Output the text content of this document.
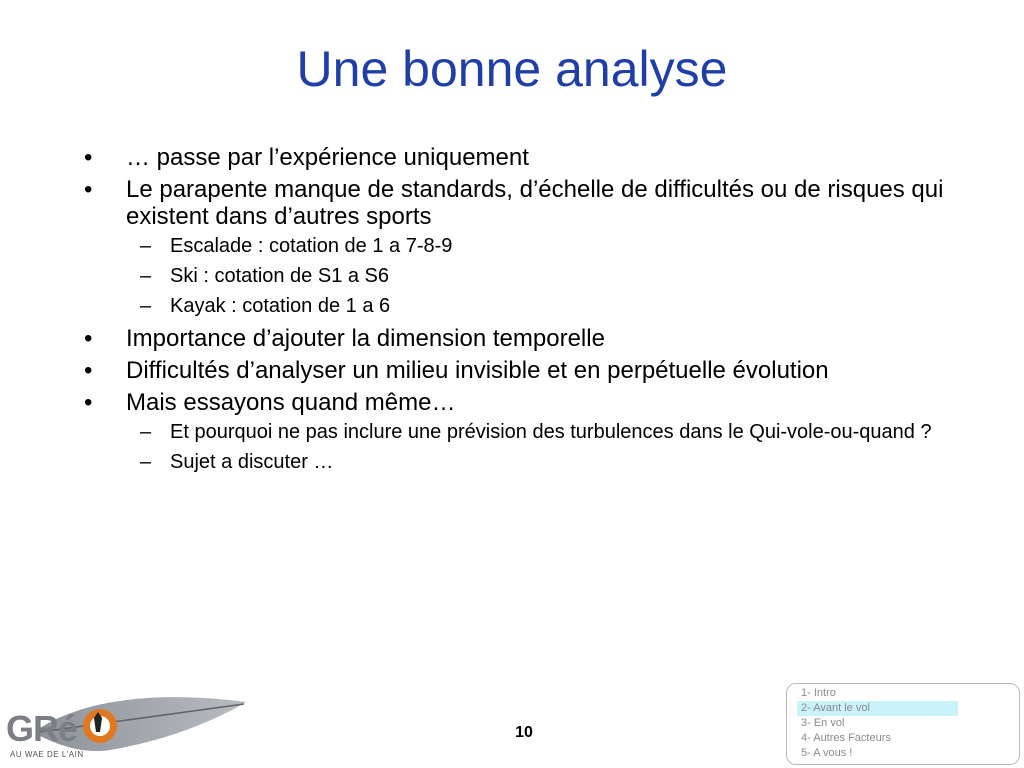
Une bonne analyse
•	… passe par l’expérience uniquement
•	Le parapente manque de standards, d’échelle de difficultés ou de risques qui existent dans d’autres sports
– Escalade : cotation de 1 a 7-8-9
– Ski : cotation de S1 a S6
– Kayak : cotation de 1 a 6
•	Importance d’ajouter la dimension temporelle
•	Difficultés d’analyser un milieu invisible et en perpétuelle évolution
•	Mais essayons quand même…
– Et pourquoi ne pas inclure une prévision des turbulences dans le Qui-vole-ou-quand ?
– Sujet a discuter …
GRé
AU WAE DE L'AIN
10
1- Intro
2- Avant le vol
3- En vol
4- Autres Facteurs
5- A vous !
